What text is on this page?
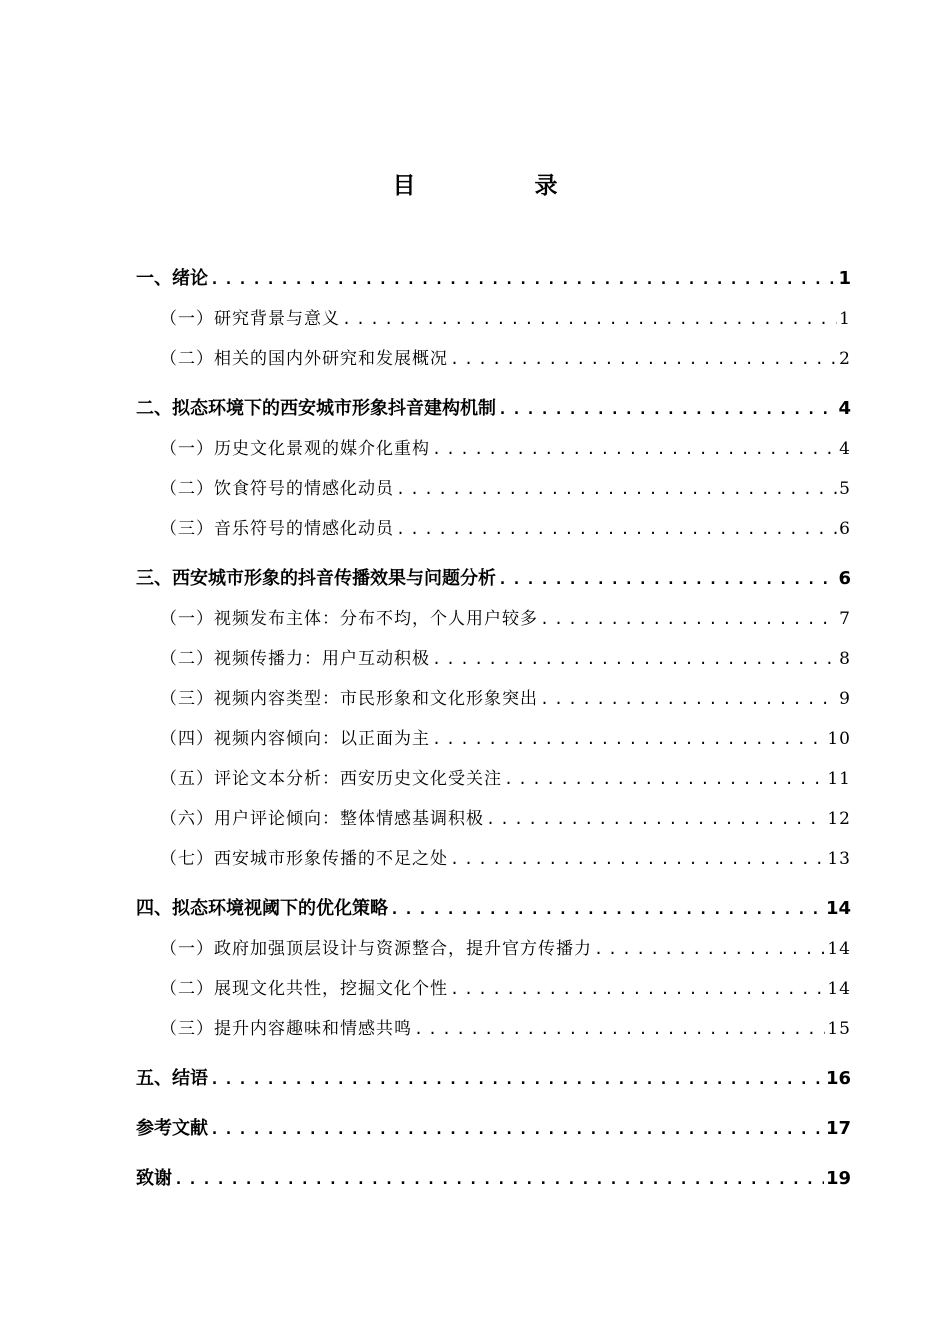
目　录
一、绪论 .....	1
（一）研究背景与意义 .....	1
（二）相关的国内外研究和发展概况 .....	2
二、拟态环境下的西安城市形象抖音建构机制 .....	4
（一）历史文化景观的媒介化重构 .....	4
（二）饮食符号的情感化动员 .....	5
（三）音乐符号的情感化动员 .....	6
三、西安城市形象的抖音传播效果与问题分析 .....	6
（一）视频发布主体：分布不均，个人用户较多 .....	7
（二）视频传播力：用户互动积极 .....	8
（三）视频内容类型：市民形象和文化形象突出 .....	9
（四）视频内容倾向：以正面为主 .....	10
（五）评论文本分析：西安历史文化受关注 .....	11
（六）用户评论倾向：整体情感基调积极 .....	12
（七）西安城市形象传播的不足之处 .....	13
四、拟态环境视阈下的优化策略 .....	14
（一）政府加强顶层设计与资源整合，提升官方传播力 .....	14
（二）展现文化共性，挖掘文化个性 .....	14
（三）提升内容趣味和情感共鸣 .....	15
五、结语 .....	16
参考文献 .....	17
致谢 .....	19
